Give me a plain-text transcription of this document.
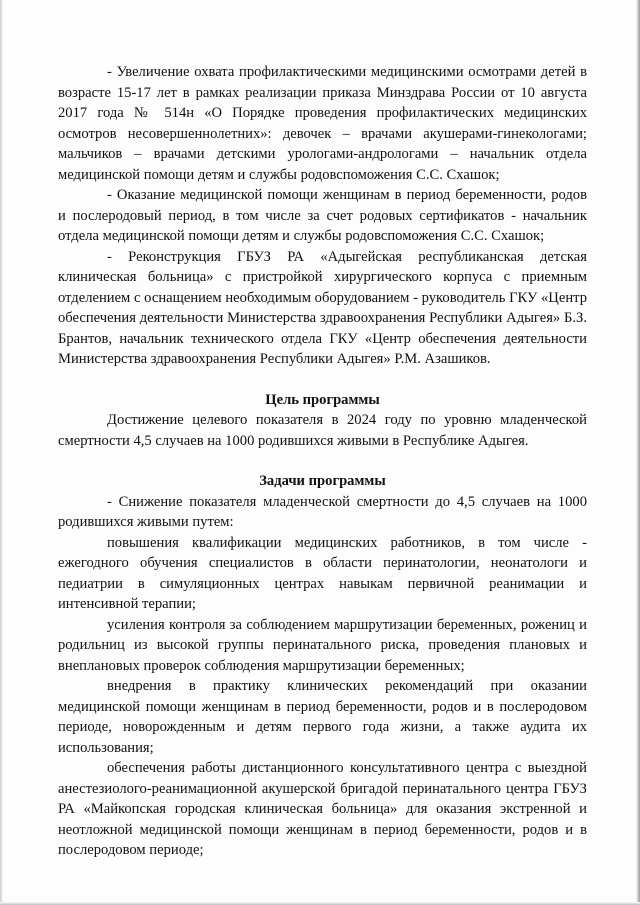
- Увеличение охвата профилактическими медицинскими осмотрами детей в возрасте 15-17 лет в рамках реализации приказа Минздрава России от 10 августа 2017 года № 514н «О Порядке проведения профилактических медицинских осмотров несовершеннолетних»: девочек – врачами акушерами-гинекологами; мальчиков – врачами детскими урологами-андрологами – начальник отдела медицинской помощи детям и службы родовспоможения С.С. Схашок;

- Оказание медицинской помощи женщинам в период беременности, родов и послеродовый период, в том числе за счет родовых сертификатов - начальник отдела медицинской помощи детям и службы родовспоможения С.С. Схашок;

- Реконструкция ГБУЗ РА «Адыгейская республиканская детская клиническая больница» с пристройкой хирургического корпуса с приемным отделением с оснащением необходимым оборудованием - руководитель ГКУ «Центр обеспечения деятельности Министерства здравоохранения Республики Адыгея» Б.З. Брантов, начальник технического отдела ГКУ «Центр обеспечения деятельности Министерства здравоохранения Республики Адыгея» Р.М. Азашиков.

Цель программы

Достижение целевого показателя в 2024 году по уровню младенческой смертности 4,5 случаев на 1000 родившихся живыми в Республике Адыгея.

Задачи программы

- Снижение показателя младенческой смертности до 4,5 случаев на 1000 родившихся живыми путем:

повышения квалификации медицинских работников, в том числе - ежегодного обучения специалистов в области перинатологии, неонатологи и педиатрии в симуляционных центрах навыкам первичной реанимации и интенсивной терапии;

усиления контроля за соблюдением маршрутизации беременных, рожениц и родильниц из высокой группы перинатального риска, проведения плановых и внеплановых проверок соблюдения маршрутизации беременных;

внедрения в практику клинических рекомендаций при оказании медицинской помощи женщинам в период беременности, родов и в послеродовом периоде, новорожденным и детям первого года жизни, а также аудита их использования;

обеспечения работы дистанционного консультативного центра с выездной анестезиолого-реанимационной акушерской бригадой перинатального центра ГБУЗ РА «Майкопская городская клиническая больница» для оказания экстренной и неотложной медицинской помощи женщинам в период беременности, родов и в послеродовом периоде;
